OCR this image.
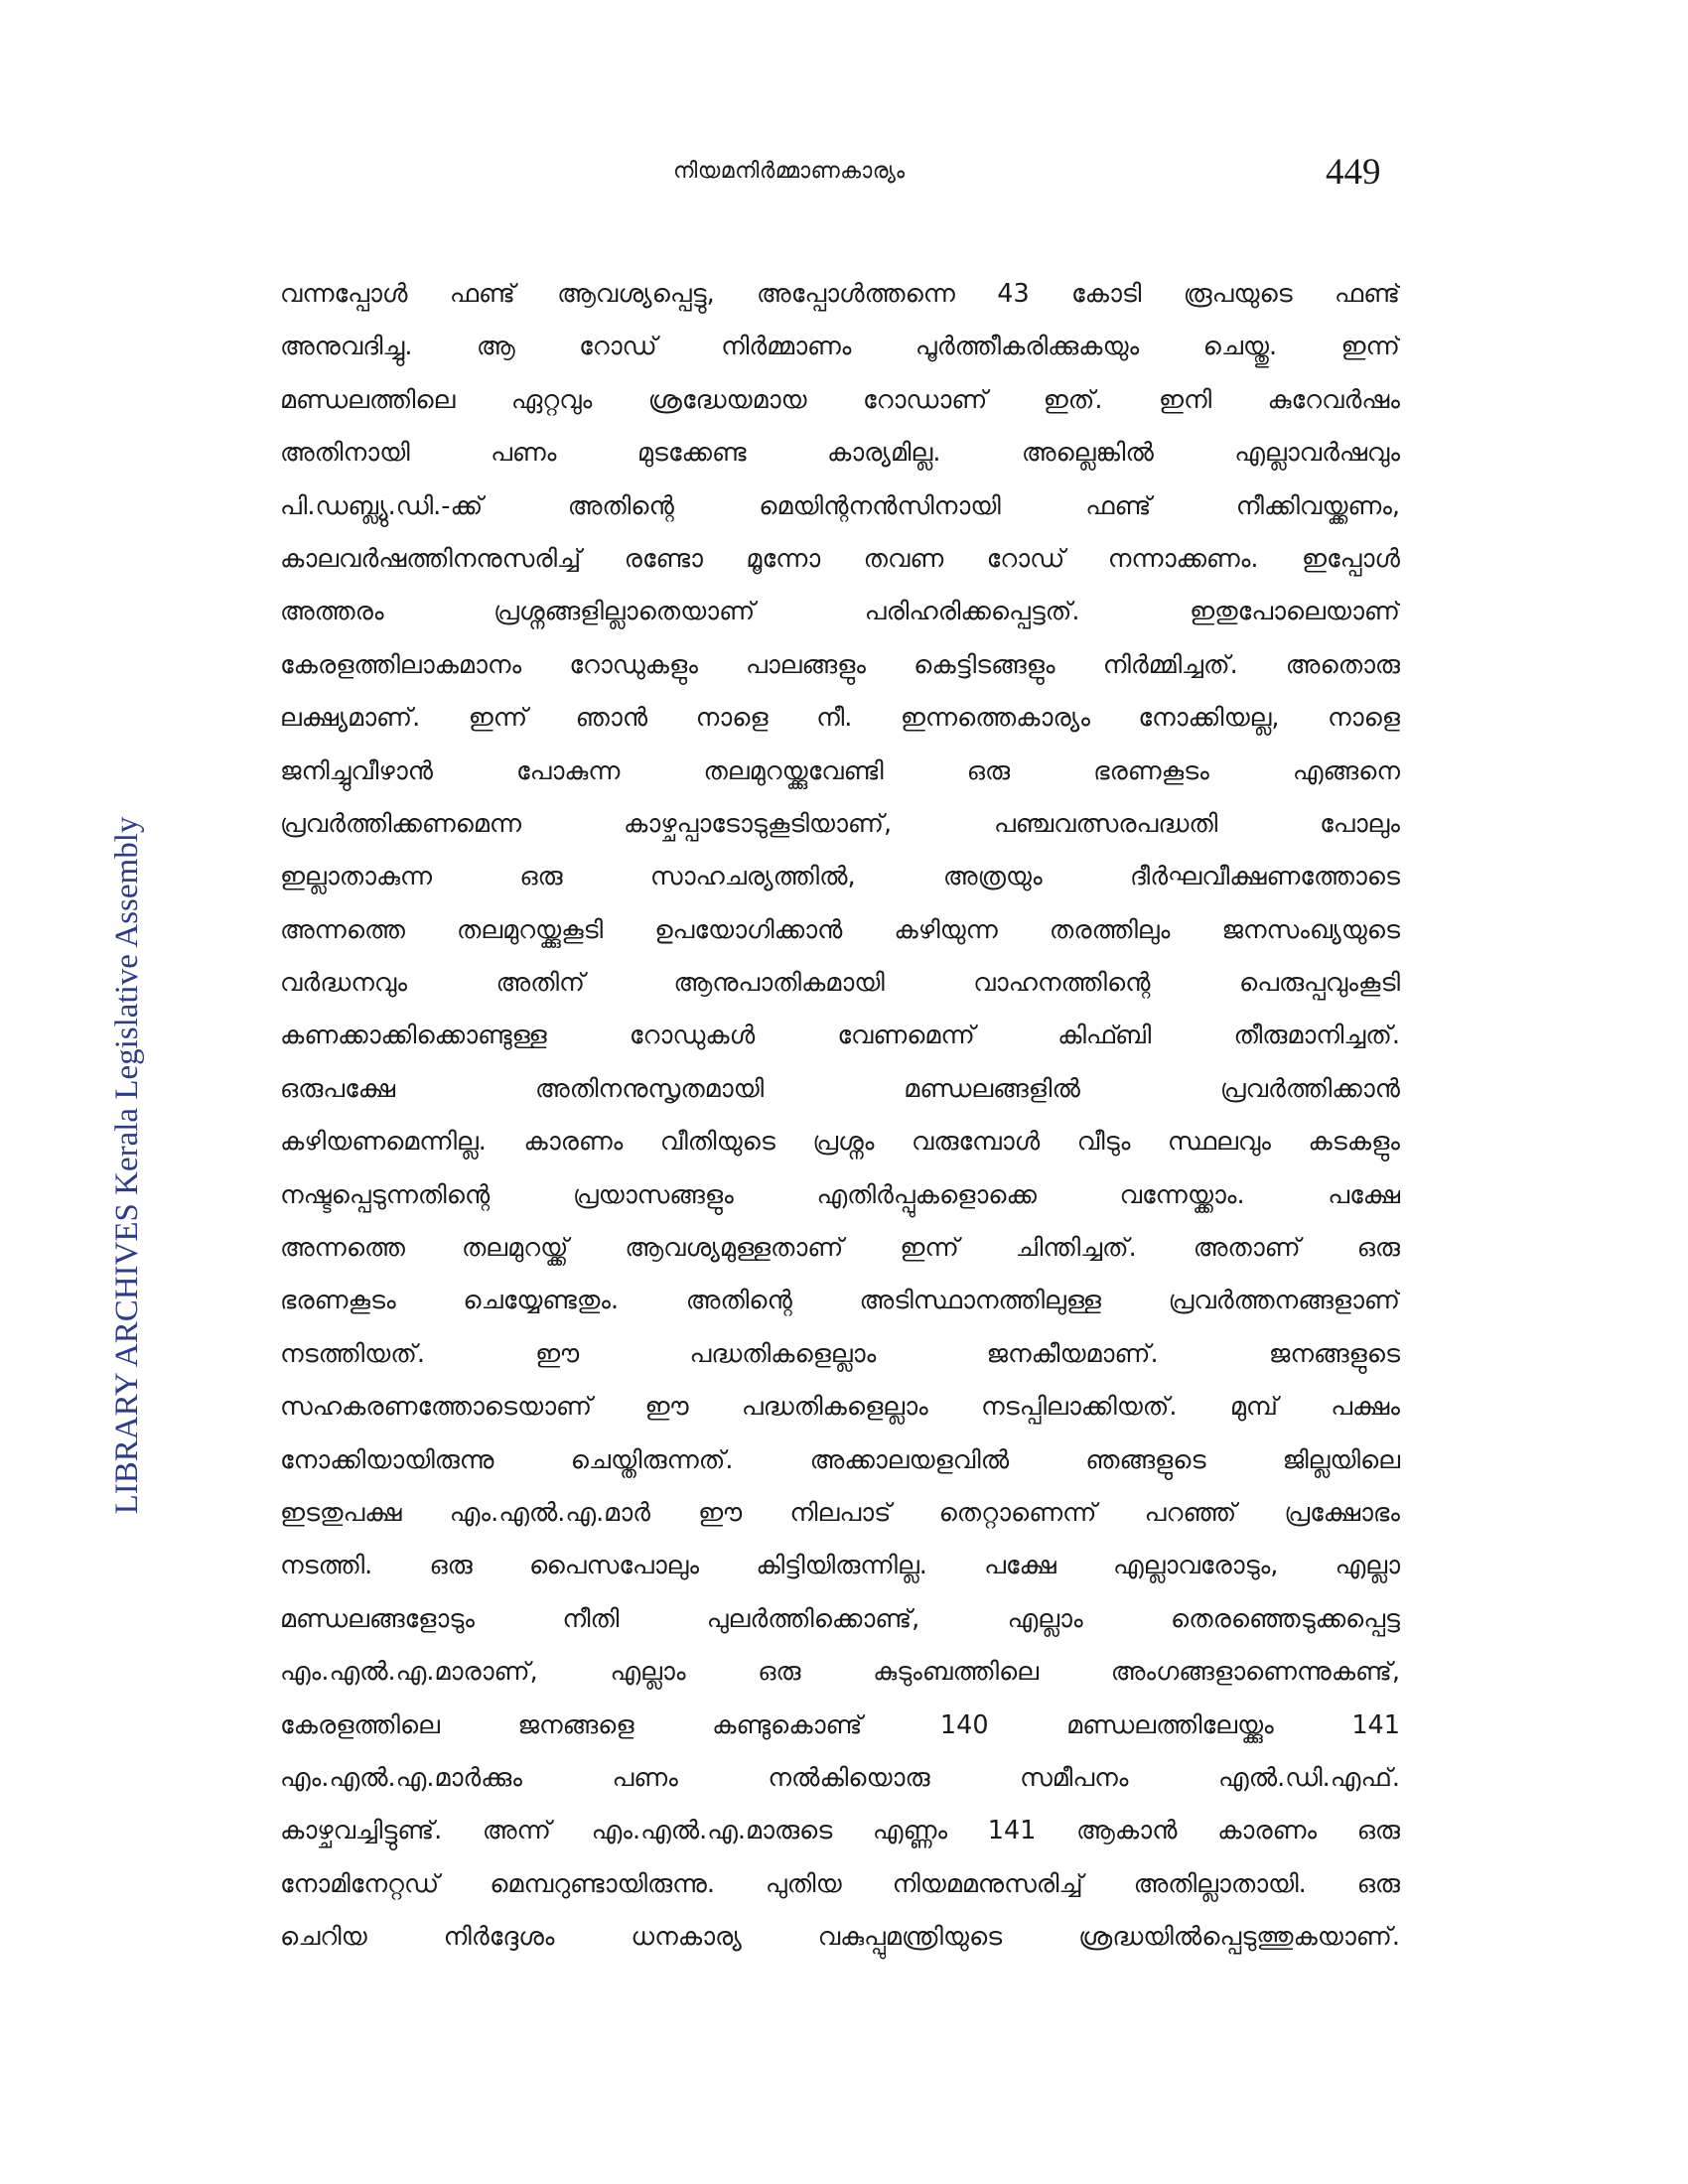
നിയമനിർമ്മാണകാര്യം	449
LIBRARY ARCHIVES Kerala Legislative Assembly
വന്നപ്പോൾ ഫണ്ട് ആവശ്യപ്പെട്ടു, അപ്പോൾത്തന്നെ 43 കോടി രൂപയുടെ ഫണ്ട്
അനുവദിച്ചു. ആ റോഡ് നിർമ്മാണം പൂർത്തീകരിക്കുകയും ചെയ്തു. ഇന്ന്
മണ്ഡലത്തിലെ ഏറ്റവും ശ്രദ്ധേയമായ റോഡാണ് ഇത്. ഇനി കുറേവർഷം
അതിനായി പണം മുടക്കേണ്ട കാര്യമില്ല. അല്ലെങ്കിൽ എല്ലാവർഷവും
പി.ഡബ്ല്യു.ഡി.-ക്ക് അതിന്റെ മെയിന്റനൻസിനായി ഫണ്ട് നീക്കിവയ്ക്കണം,
കാലവർഷത്തിനനുസരിച്ച് രണ്ടോ മൂന്നോ തവണ റോഡ് നന്നാക്കണം. ഇപ്പോൾ
അത്തരം പ്രശ്നങ്ങളില്ലാതെയാണ് പരിഹരിക്കപ്പെട്ടത്. ഇതുപോലെയാണ്
കേരളത്തിലാകമാനം റോഡുകളും പാലങ്ങളും കെട്ടിടങ്ങളും നിർമ്മിച്ചത്. അതൊരു
ലക്ഷ്യമാണ്. ഇന്ന് ഞാൻ നാളെ നീ. ഇന്നത്തെകാര്യം നോക്കിയല്ല, നാളെ
ജനിച്ചുവീഴാൻ പോകുന്ന തലമുറയ്ക്കുവേണ്ടി ഒരു ഭരണകൂടം എങ്ങനെ
പ്രവർത്തിക്കണമെന്ന കാഴ്ചപ്പാടോടുകൂടിയാണ്, പഞ്ചവത്സരപദ്ധതി പോലും
ഇല്ലാതാകുന്ന ഒരു സാഹചര്യത്തിൽ, അത്രയും ദീർഘവീക്ഷണത്തോടെ
അന്നത്തെ തലമുറയ്ക്കുകൂടി ഉപയോഗിക്കാൻ കഴിയുന്ന തരത്തിലും ജനസംഖ്യയുടെ
വർദ്ധനവും അതിന് ആനുപാതികമായി വാഹനത്തിന്റെ പെരുപ്പവുംകൂടി
കണക്കാക്കിക്കൊണ്ടുള്ള റോഡുകൾ വേണമെന്ന് കിഫ്ബി തീരുമാനിച്ചത്.
ഒരുപക്ഷേ അതിനനുസൃതമായി മണ്ഡലങ്ങളിൽ പ്രവർത്തിക്കാൻ
കഴിയണമെന്നില്ല. കാരണം വീതിയുടെ പ്രശ്നം വരുമ്പോൾ വീടും സ്ഥലവും കടകളും
നഷ്ടപ്പെടുന്നതിന്റെ പ്രയാസങ്ങളും എതിർപ്പുകളൊക്കെ വന്നേയ്ക്കാം. പക്ഷേ
അന്നത്തെ തലമുറയ്ക്ക് ആവശ്യമുള്ളതാണ് ഇന്ന് ചിന്തിച്ചത്. അതാണ് ഒരു
ഭരണകൂടം ചെയ്യേണ്ടതും. അതിന്റെ അടിസ്ഥാനത്തിലുള്ള പ്രവർത്തനങ്ങളാണ്
നടത്തിയത്. ഈ പദ്ധതികളെല്ലാം ജനകീയമാണ്. ജനങ്ങളുടെ
സഹകരണത്തോടെയാണ് ഈ പദ്ധതികളെല്ലാം നടപ്പിലാക്കിയത്. മുമ്പ് പക്ഷം
നോക്കിയായിരുന്നു ചെയ്തിരുന്നത്. അക്കാലയളവിൽ ഞങ്ങളുടെ ജില്ലയിലെ
ഇടതുപക്ഷ എം.എൽ.എ.മാർ ഈ നിലപാട് തെറ്റാണെന്ന് പറഞ്ഞ് പ്രക്ഷോഭം
നടത്തി. ഒരു പൈസപോലും കിട്ടിയിരുന്നില്ല. പക്ഷേ എല്ലാവരോടും, എല്ലാ
മണ്ഡലങ്ങളോടും നീതി പുലർത്തിക്കൊണ്ട്, എല്ലാം തെരഞ്ഞെടുക്കപ്പെട്ട
എം.എൽ.എ.മാരാണ്, എല്ലാം ഒരു കുടുംബത്തിലെ അംഗങ്ങളാണെന്നുകണ്ട്,
കേരളത്തിലെ ജനങ്ങളെ കണ്ടുകൊണ്ട് 140 മണ്ഡലത്തിലേയ്ക്കും 141
എം.എൽ.എ.മാർക്കും പണം നൽകിയൊരു സമീപനം എൽ.ഡി.എഫ്.
കാഴ്ചവച്ചിട്ടുണ്ട്. അന്ന് എം.എൽ.എ.മാരുടെ എണ്ണം 141 ആകാൻ കാരണം ഒരു
നോമിനേറ്റഡ് മെമ്പറുണ്ടായിരുന്നു. പുതിയ നിയമമനുസരിച്ച് അതില്ലാതായി. ഒരു
ചെറിയ നിർദ്ദേശം ധനകാര്യ വകുപ്പുമന്ത്രിയുടെ ശ്രദ്ധയിൽപ്പെടുത്തുകയാണ്.
